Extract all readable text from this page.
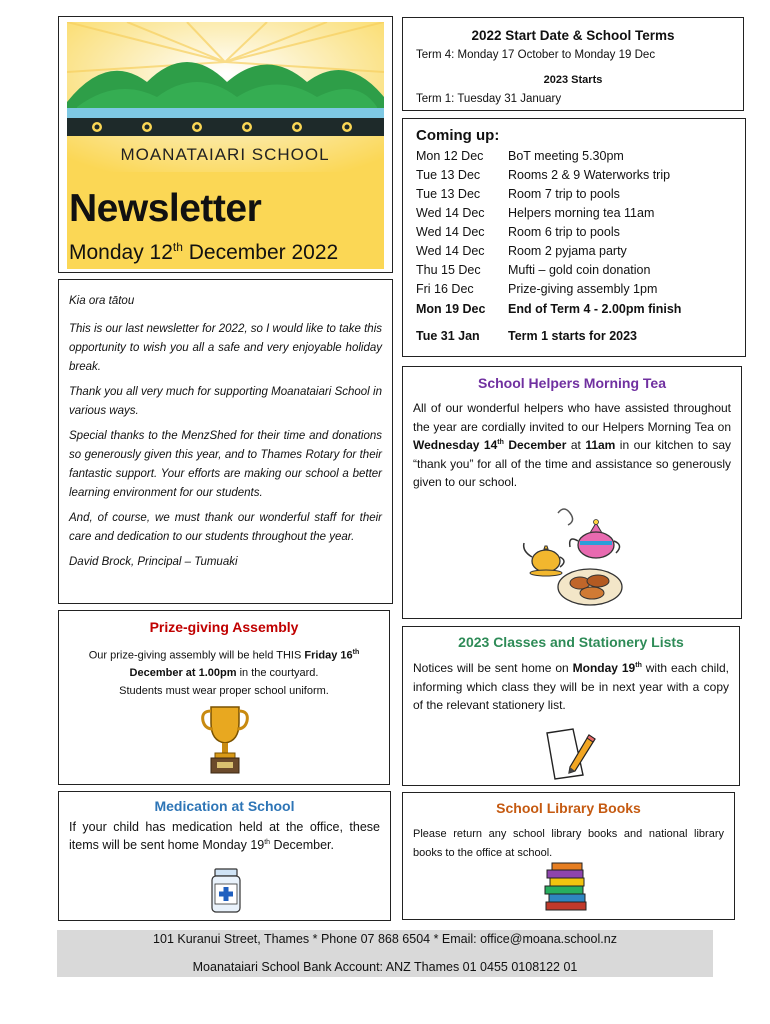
MOANATAIARI SCHOOL
Newsletter
Monday 12th December 2022
2022 Start Date & School Terms
Term 4: Monday 17 October to Monday 19 Dec
2023 Starts
Term 1: Tuesday 31 January
Coming up:
Mon 12 Dec	BoT meeting 5.30pm
Tue 13 Dec	Rooms 2 & 9 Waterworks trip
Tue 13 Dec	Room 7 trip to pools
Wed 14 Dec	Helpers morning tea 11am
Wed 14 Dec	Room 6 trip to pools
Wed 14 Dec	Room 2 pyjama party
Thu 15 Dec	Mufti – gold coin donation
Fri 16 Dec	Prize-giving assembly 1pm
Mon 19 Dec	End of Term 4 - 2.00pm finish
Tue 31 Jan	Term 1 starts for 2023

Kia ora tātou

This is our last newsletter for 2022, so I would like to take this opportunity to wish you all a safe and very enjoyable holiday break.

Thank you all very much for supporting Moanataiari School in various ways.

Special thanks to the MenzShed for their time and donations so generously given this year, and to Thames Rotary for their fantastic support. Your efforts are making our school a better learning environment for our students.

And, of course, we must thank our wonderful staff for their care and dedication to our students throughout the year.

David Brock, Principal – Tumuaki

Prize-giving Assembly
Our prize-giving assembly will be held THIS Friday 16th December at 1.00pm in the courtyard.
Students must wear proper school uniform.
Medication at School
If your child has medication held at the office, these items will be sent home Monday 19th December.
School Helpers Morning Tea
All of our wonderful helpers who have assisted throughout the year are cordially invited to our Helpers Morning Tea on Wednesday 14th December at 11am in our kitchen to say “thank you” for all of the time and assistance so generously given to our school.
2023 Classes and Stationery Lists
Notices will be sent home on Monday 19th with each child, informing which class they will be in next year with a copy of the relevant stationery list.
School Library Books
Please return any school library books and national library books to the office at school.
101 Kuranui Street, Thames * Phone 07 868 6504 * Email: office@moana.school.nz
Moanataiari School Bank Account: ANZ Thames 01 0455 0108122 01
